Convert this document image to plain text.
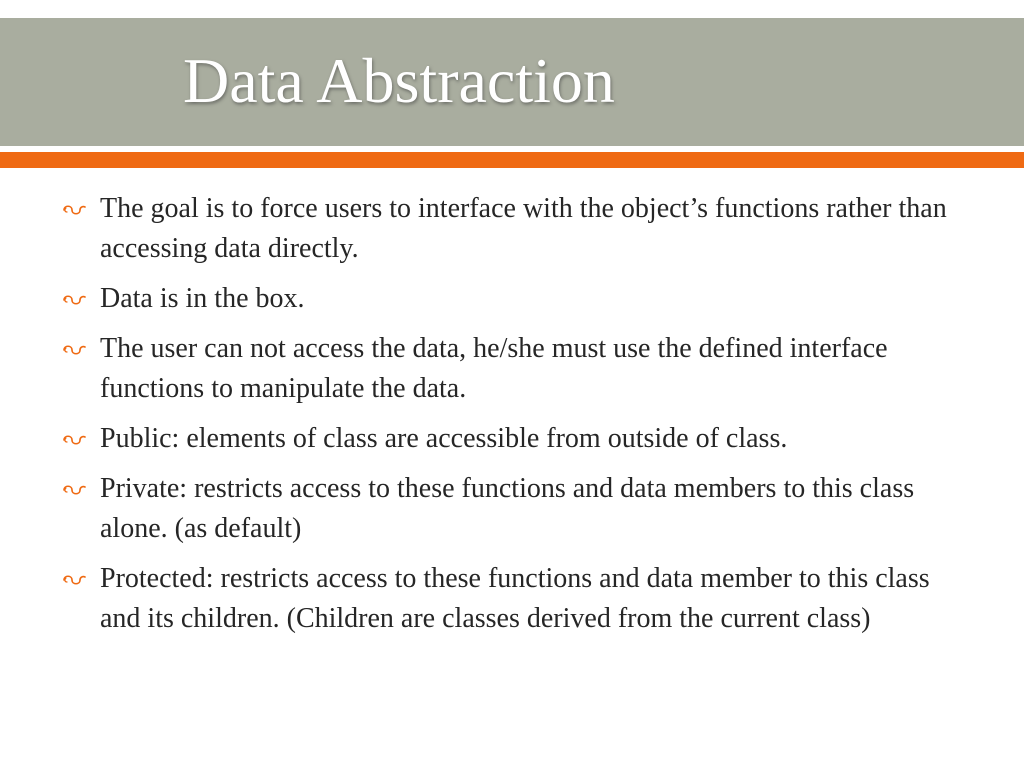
Data Abstraction
The goal is to force users to interface with the object’s functions rather than accessing data directly.
Data is in the box.
The user can not access the data, he/she must use the defined interface functions to manipulate the data.
Public: elements of class are accessible from outside of class.
Private: restricts access to these functions and data members to this class alone. (as default)
Protected: restricts access to these functions and data member to this class and its children. (Children are classes derived from the current class)
